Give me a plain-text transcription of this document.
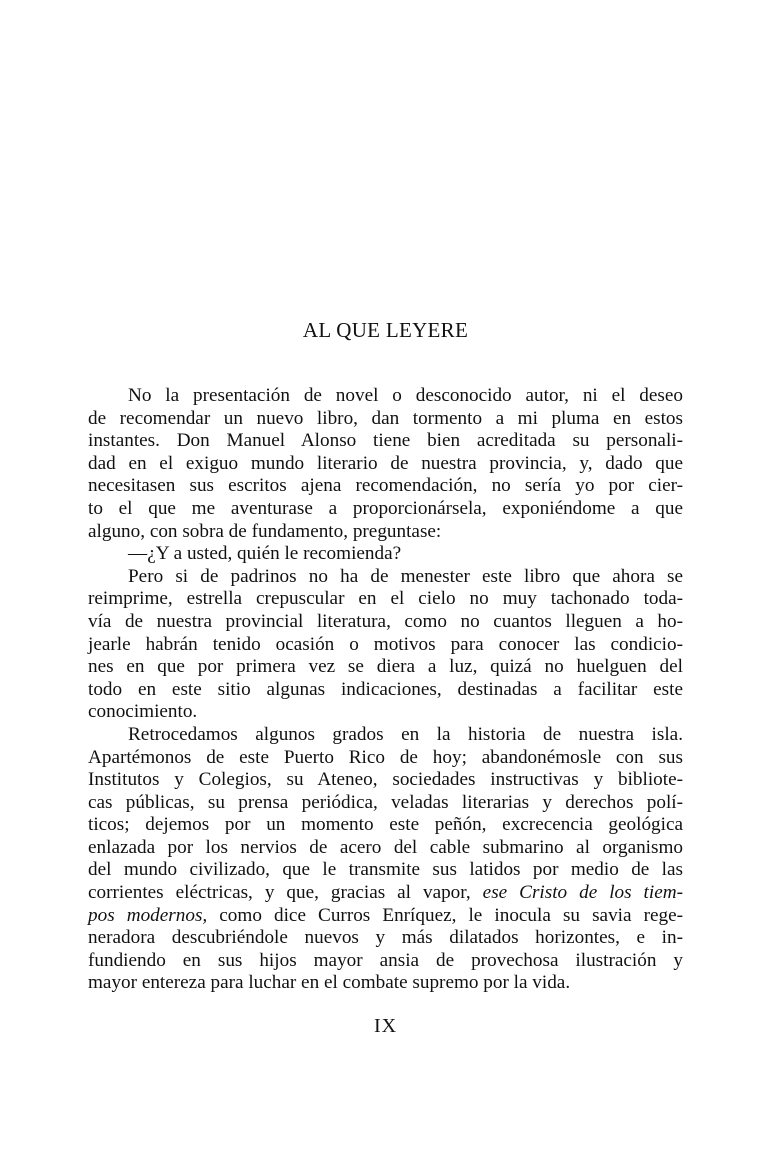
AL QUE LEYERE
No la presentación de novel o desconocido autor, ni el deseo
de recomendar un nuevo libro, dan tormento a mi pluma en estos
instantes. Don Manuel Alonso tiene bien acreditada su personali-
dad en el exiguo mundo literario de nuestra provincia, y, dado que
necesitasen sus escritos ajena recomendación, no sería yo por cier-
to el que me aventurase a proporcionársela, exponiéndome a que
alguno, con sobra de fundamento, preguntase:
—¿Y a usted, quién le recomienda?
Pero si de padrinos no ha de menester este libro que ahora se
reimprime, estrella crepuscular en el cielo no muy tachonado toda-
vía de nuestra provincial literatura, como no cuantos lleguen a ho-
jearle habrán tenido ocasión o motivos para conocer las condicio-
nes en que por primera vez se diera a luz, quizá no huelguen del
todo en este sitio algunas indicaciones, destinadas a facilitar este
conocimiento.
Retrocedamos algunos grados en la historia de nuestra isla.
Apartémonos de este Puerto Rico de hoy; abandonémosle con sus
Institutos y Colegios, su Ateneo, sociedades instructivas y bibliote-
cas públicas, su prensa periódica, veladas literarias y derechos polí-
ticos; dejemos por un momento este peñón, excrecencia geológica
enlazada por los nervios de acero del cable submarino al organismo
del mundo civilizado, que le transmite sus latidos por medio de las
corrientes eléctricas, y que, gracias al vapor, ese Cristo de los tiem-
pos modernos, como dice Curros Enríquez, le inocula su savia rege-
neradora descubriéndole nuevos y más dilatados horizontes, e in-
fundiendo en sus hijos mayor ansia de provechosa ilustración y
mayor entereza para luchar en el combate supremo por la vida.
IX
